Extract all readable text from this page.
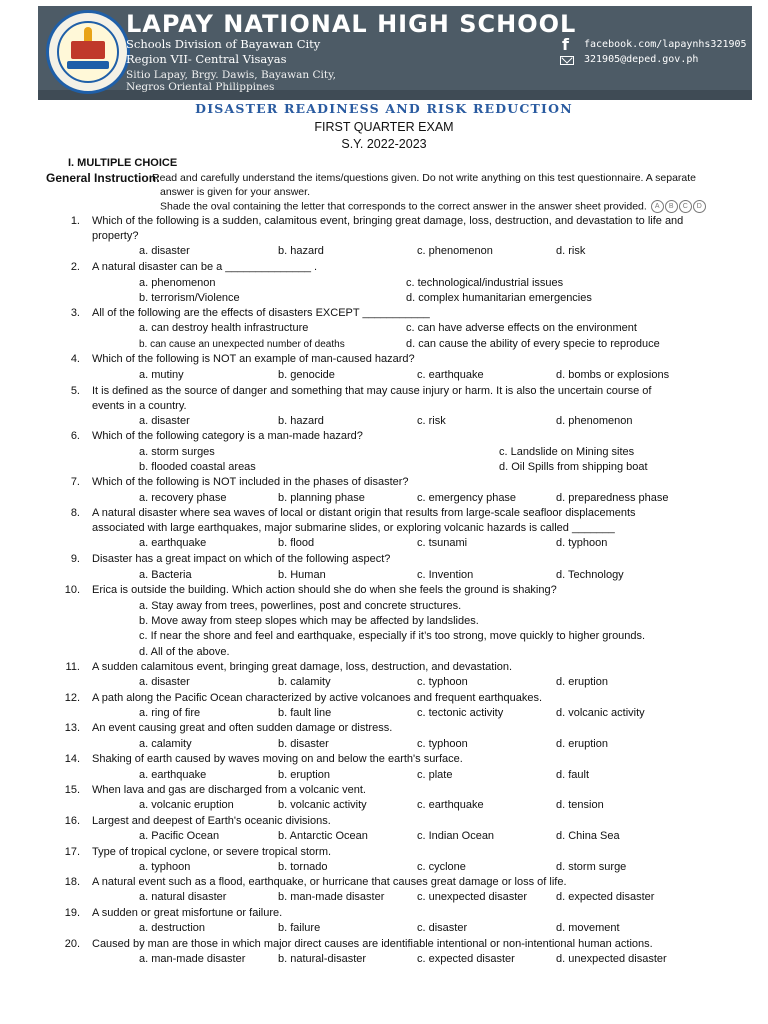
LAPAY NATIONAL HIGH SCHOOL
Schools Division of Bayawan City
Region VII- Central Visayas
Sitio Lapay, Brgy. Dawis, Bayawan City,
Negros Oriental Philippines
f	facebook.com/lapaynhs321905
321905@deped.gov.ph
DISASTER READINESS AND RISK REDUCTION
FIRST QUARTER EXAM
S.Y. 2022-2023
I. MULTIPLE CHOICE
General Instruction:
Read and carefully understand the items/questions given. Do not write anything on this test questionnaire. A separate
answer is given for your answer.
Shade the oval containing the letter that corresponds to the correct answer in the answer sheet provided. A B C D
1. Which of the following is a sudden, calamitous event, bringing great damage, loss, destruction, and devastation to life and
property?
a. disaster	b. hazard	c. phenomenon	d. risk
2. A natural disaster can be a ______________ .
a. phenomenon	c. technological/industrial issues
b. terrorism/Violence	d. complex humanitarian emergencies
3. All of the following are the effects of disasters EXCEPT ___________
a. can destroy health infrastructure	c. can have adverse effects on the environment
b. can cause an unexpected number of deaths	d. can cause the ability of every specie to reproduce
4. Which of the following is NOT an example of man-caused hazard?
a. mutiny	b. genocide	c. earthquake	d. bombs or explosions
5. It is defined as the source of danger and something that may cause injury or harm. It is also the uncertain course of
events in a country.
a. disaster	b. hazard	c. risk	d. phenomenon
6. Which of the following category is a man-made hazard?
a. storm surges	c. Landslide on Mining sites
b. flooded coastal areas	d. Oil Spills from shipping boat
7. Which of the following is NOT included in the phases of disaster?
a. recovery phase	b. planning phase	c. emergency phase	d. preparedness phase
8. A natural disaster where sea waves of local or distant origin that results from large-scale seafloor displacements
associated with large earthquakes, major submarine slides, or exploring volcanic hazards is called _______
a. earthquake	b. flood	c. tsunami	d. typhoon
9. Disaster has a great impact on which of the following aspect?
a. Bacteria	b. Human	c. Invention	d. Technology
10. Erica is outside the building. Which action should she do when she feels the ground is shaking?
a. Stay away from trees, powerlines, post and concrete structures.
b. Move away from steep slopes which may be affected by landslides.
c. If near the shore and feel and earthquake, especially if it’s too strong, move quickly to higher grounds.
d. All of the above.
11. A sudden calamitous event, bringing great damage, loss, destruction, and devastation.
a. disaster	b. calamity	c. typhoon	d. eruption
12. A path along the Pacific Ocean characterized by active volcanoes and frequent earthquakes.
a. ring of fire	b. fault line	c. tectonic activity	d. volcanic activity
13. An event causing great and often sudden damage or distress.
a. calamity	b. disaster	c. typhoon	d. eruption
14. Shaking of earth caused by waves moving on and below the earth's surface.
a. earthquake	b. eruption	c. plate	d. fault
15. When lava and gas are discharged from a volcanic vent.
a. volcanic eruption	b. volcanic activity	c. earthquake	d. tension
16. Largest and deepest of Earth's oceanic divisions.
a. Pacific Ocean	b. Antarctic Ocean	c. Indian Ocean	d. China Sea
17. Type of tropical cyclone, or severe tropical storm.
a. typhoon	b. tornado	c. cyclone	d. storm surge
18. A natural event such as a flood, earthquake, or hurricane that causes great damage or loss of life.
a. natural disaster	b. man-made disaster	c. unexpected disaster	d. expected disaster
19. A sudden or great misfortune or failure.
a. destruction	b. failure	c. disaster	d. movement
20. Caused by man are those in which major direct causes are identifiable intentional or non-intentional human actions.
a. man-made disaster	b. natural-disaster	c. expected disaster	d. unexpected disaster
